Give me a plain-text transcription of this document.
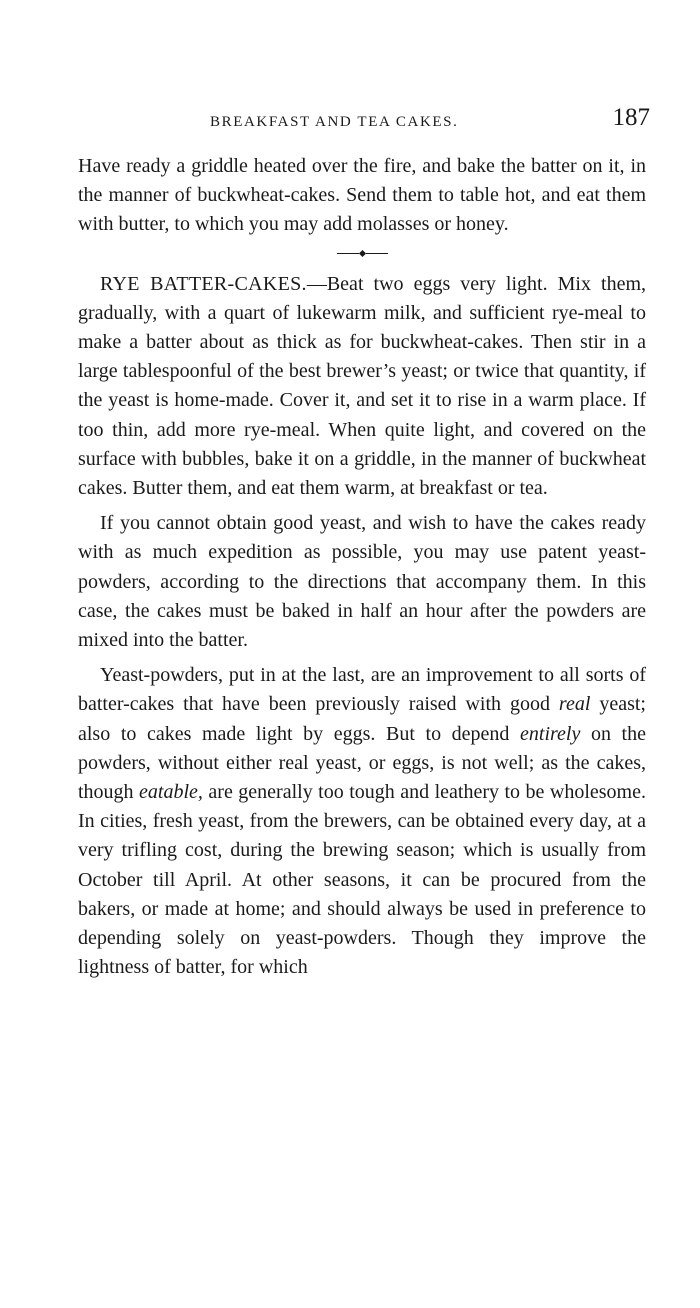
BREAKFAST AND TEA CAKES.	187

Have ready a griddle heated over the fire, and bake the batter on it, in the manner of buckwheat-cakes. Send them to table hot, and eat them with butter, to which you may add molasses or honey.

RYE BATTER-CAKES.—Beat two eggs very light. Mix them, gradually, with a quart of lukewarm milk, and sufficient rye-meal to make a batter about as thick as for buckwheat-cakes. Then stir in a large tablespoonful of the best brewer’s yeast; or twice that quantity, if the yeast is home-made. Cover it, and set it to rise in a warm place. If too thin, add more rye-meal. When quite light, and covered on the surface with bubbles, bake it on a griddle, in the manner of buckwheat cakes. Butter them, and eat them warm, at breakfast or tea.

If you cannot obtain good yeast, and wish to have the cakes ready with as much expedition as possible, you may use patent yeast-powders, according to the directions that accompany them. In this case, the cakes must be baked in half an hour after the powders are mixed into the batter.

Yeast-powders, put in at the last, are an improvement to all sorts of batter-cakes that have been previously raised with good real yeast; also to cakes made light by eggs. But to depend entirely on the powders, without either real yeast, or eggs, is not well; as the cakes, though eatable, are generally too tough and leathery to be wholesome. In cities, fresh yeast, from the brewers, can be obtained every day, at a very trifling cost, during the brewing season; which is usually from October till April. At other seasons, it can be procured from the bakers, or made at home; and should always be used in preference to depending solely on yeast-powders. Though they improve the lightness of batter, for which
